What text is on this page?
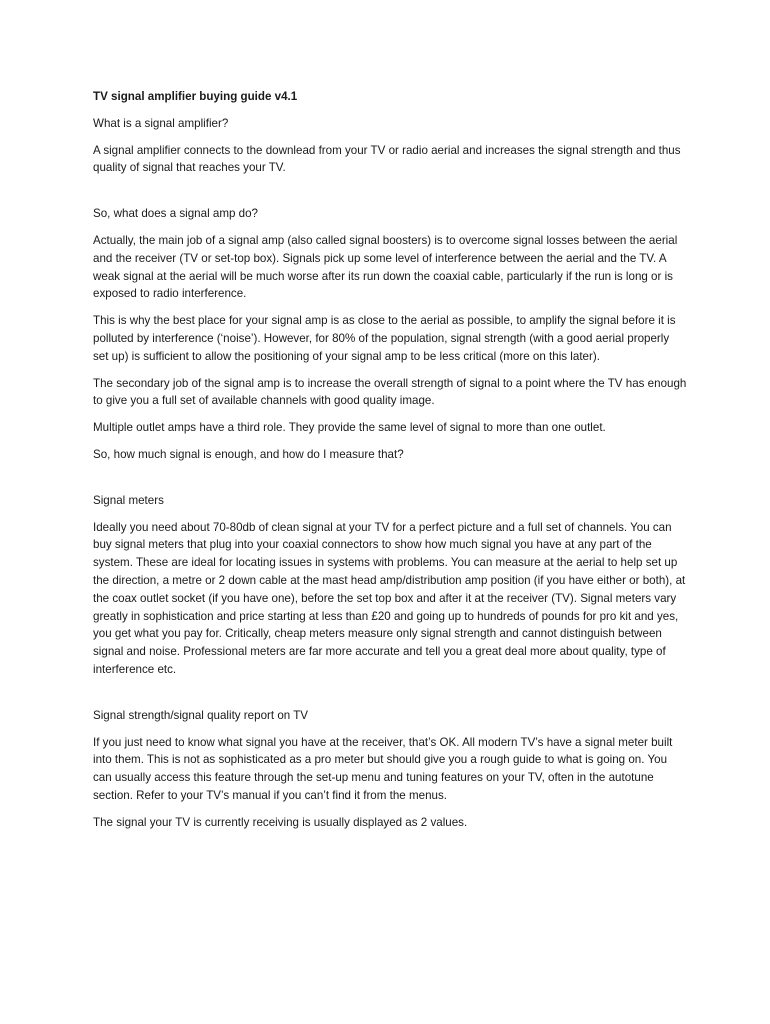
TV signal amplifier buying guide v4.1

What is a signal amplifier?

A signal amplifier connects to the downlead from your TV or radio aerial and increases the signal strength and thus quality of signal that reaches your TV.

So, what does a signal amp do?

Actually, the main job of a signal amp (also called signal boosters) is to overcome signal losses between the aerial and the receiver (TV or set-top box). Signals pick up some level of interference between the aerial and the TV. A weak signal at the aerial will be much worse after its run down the coaxial cable, particularly if the run is long or is exposed to radio interference.

This is why the best place for your signal amp is as close to the aerial as possible, to amplify the signal before it is polluted by interference (‘noise’). However, for 80% of the population, signal strength (with a good aerial properly set up) is sufficient to allow the positioning of your signal amp to be less critical (more on this later).

The secondary job of the signal amp is to increase the overall strength of signal to a point where the TV has enough to give you a full set of available channels with good quality image.

Multiple outlet amps have a third role. They provide the same level of signal to more than one outlet.

So, how much signal is enough, and how do I measure that?

Signal meters

Ideally you need about 70-80db of clean signal at your TV for a perfect picture and a full set of channels. You can buy signal meters that plug into your coaxial connectors to show how much signal you have at any part of the system. These are ideal for locating issues in systems with problems. You can measure at the aerial to help set up the direction, a metre or 2 down cable at the mast head amp/distribution amp position (if you have either or both), at the coax outlet socket (if you have one), before the set top box and after it at the receiver (TV). Signal meters vary greatly in sophistication and price starting at less than £20 and going up to hundreds of pounds for pro kit and yes, you get what you pay for. Critically, cheap meters measure only signal strength and cannot distinguish between signal and noise. Professional meters are far more accurate and tell you a great deal more about quality, type of interference etc.

Signal strength/signal quality report on TV

If you just need to know what signal you have at the receiver, that’s OK. All modern TV’s have a signal meter built into them. This is not as sophisticated as a pro meter but should give you a rough guide to what is going on. You can usually access this feature through the set-up menu and tuning features on your TV, often in the autotune section. Refer to your TV’s manual if you can’t find it from the menus.

The signal your TV is currently receiving is usually displayed as 2 values.
